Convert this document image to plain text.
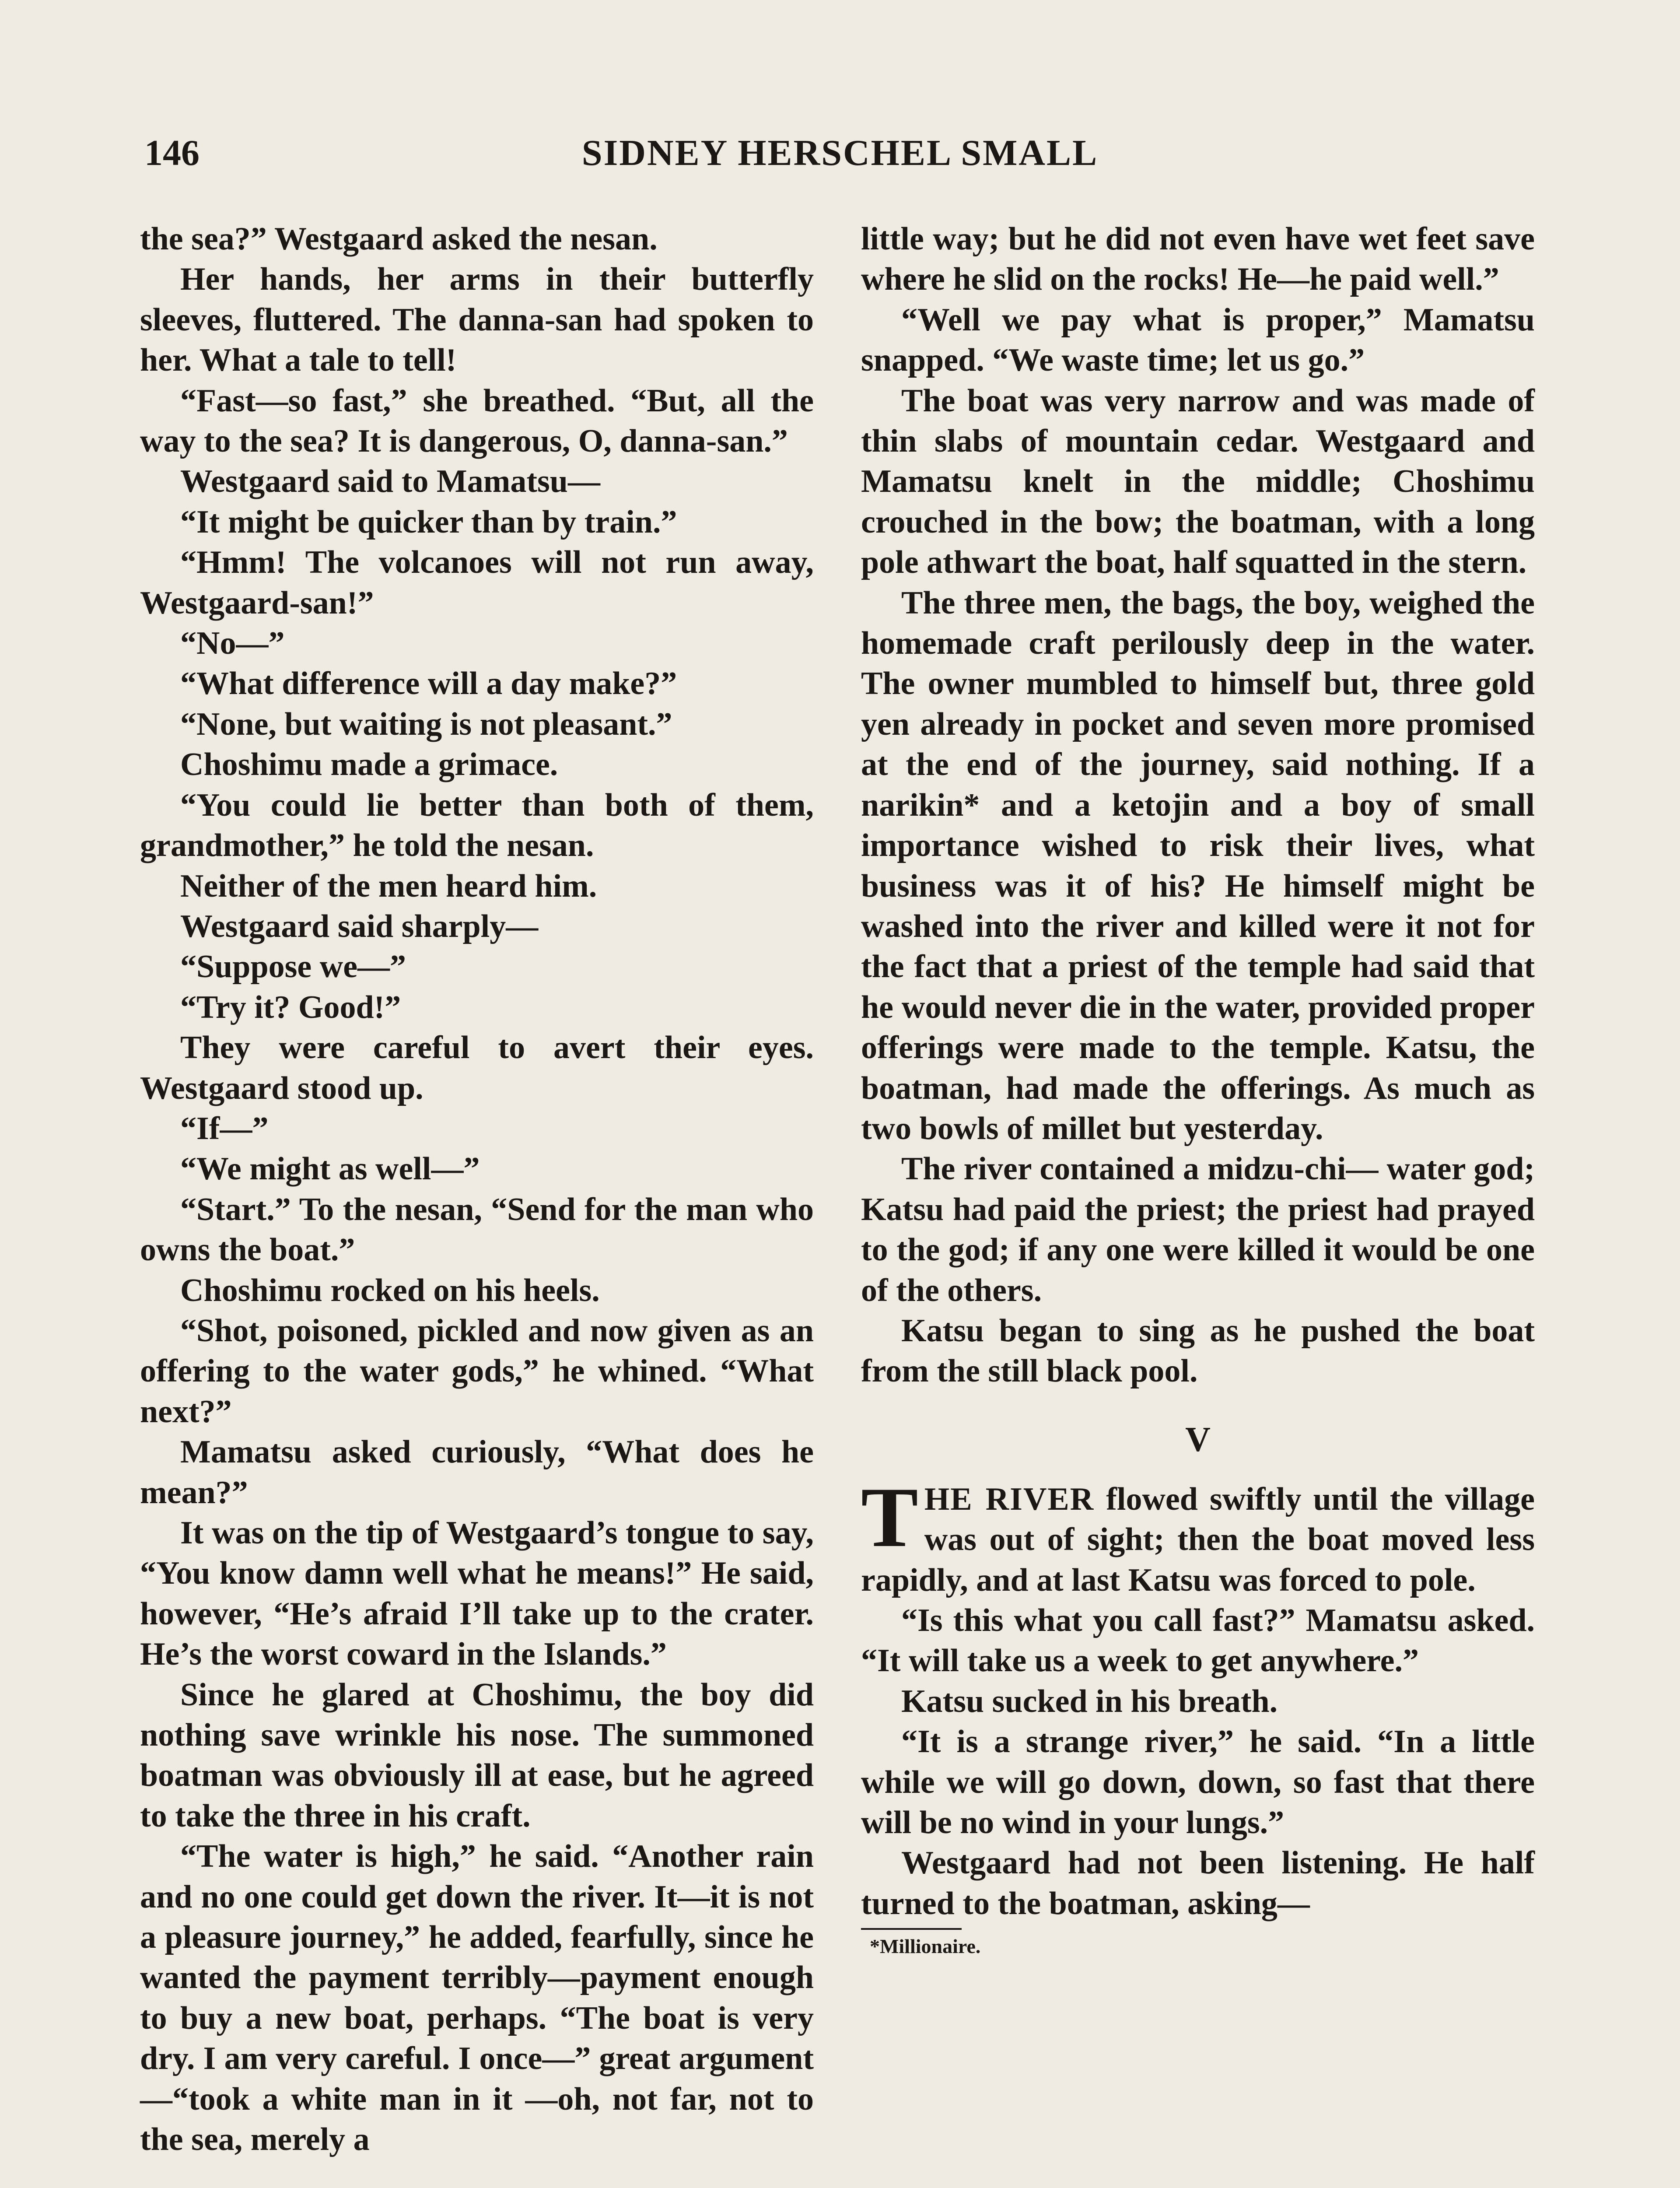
146	SIDNEY HERSCHEL SMALL

the sea?” Westgaard asked the nesan.

Her hands, her arms in their butterfly sleeves, fluttered. The danna-san had spoken to her. What a tale to tell!

“Fast—so fast,” she breathed. “But, all the way to the sea? It is dangerous, O, danna-san.”

Westgaard said to Mamatsu—

“It might be quicker than by train.”

“Hmm! The volcanoes will not run away, Westgaard-san!”

“No—”

“What difference will a day make?”

“None, but waiting is not pleasant.”

Choshimu made a grimace.

“You could lie better than both of them, grandmother,” he told the nesan.

Neither of the men heard him.

Westgaard said sharply—

“Suppose we—”

“Try it? Good!”

They were careful to avert their eyes. Westgaard stood up.

“If—”

“We might as well—”

“Start.” To the nesan, “Send for the man who owns the boat.”

Choshimu rocked on his heels.

“Shot, poisoned, pickled and now given as an offering to the water gods,” he whined. “What next?”

Mamatsu asked curiously, “What does he mean?”

It was on the tip of Westgaard’s tongue to say, “You know damn well what he means!” He said, however, “He’s afraid I’ll take up to the crater. He’s the worst coward in the Islands.”

Since he glared at Choshimu, the boy did nothing save wrinkle his nose. The summoned boatman was obviously ill at ease, but he agreed to take the three in his craft.

“The water is high,” he said. “Another rain and no one could get down the river. It—it is not a pleasure journey,” he added, fearfully, since he wanted the payment terribly—payment enough to buy a new boat, perhaps. “The boat is very dry. I am very careful. I once—” great argument—“took a white man in it —oh, not far, not to the sea, merely a

little way; but he did not even have wet feet save where he slid on the rocks! He—he paid well.”

“Well we pay what is proper,” Mamatsu snapped. “We waste time; let us go.”

The boat was very narrow and was made of thin slabs of mountain cedar. Westgaard and Mamatsu knelt in the middle; Choshimu crouched in the bow; the boatman, with a long pole athwart the boat, half squatted in the stern.

The three men, the bags, the boy, weighed the homemade craft perilously deep in the water. The owner mumbled to himself but, three gold yen already in pocket and seven more promised at the end of the journey, said nothing. If a narikin* and a ketojin and a boy of small importance wished to risk their lives, what business was it of his? He himself might be washed into the river and killed were it not for the fact that a priest of the temple had said that he would never die in the water, provided proper offerings were made to the temple. Katsu, the boatman, had made the offerings. As much as two bowls of millet but yesterday.

The river contained a midzu-chi— water god; Katsu had paid the priest; the priest had prayed to the god; if any one were killed it would be one of the others.

Katsu began to sing as he pushed the boat from the still black pool.

V

THE RIVER flowed swiftly until the village was out of sight; then the boat moved less rapidly, and at last Katsu was forced to pole.

“Is this what you call fast?” Mamatsu asked. “It will take us a week to get anywhere.”

Katsu sucked in his breath.

“It is a strange river,” he said. “In a little while we will go down, down, so fast that there will be no wind in your lungs.”

Westgaard had not been listening. He half turned to the boatman, asking—

*Millionaire.
